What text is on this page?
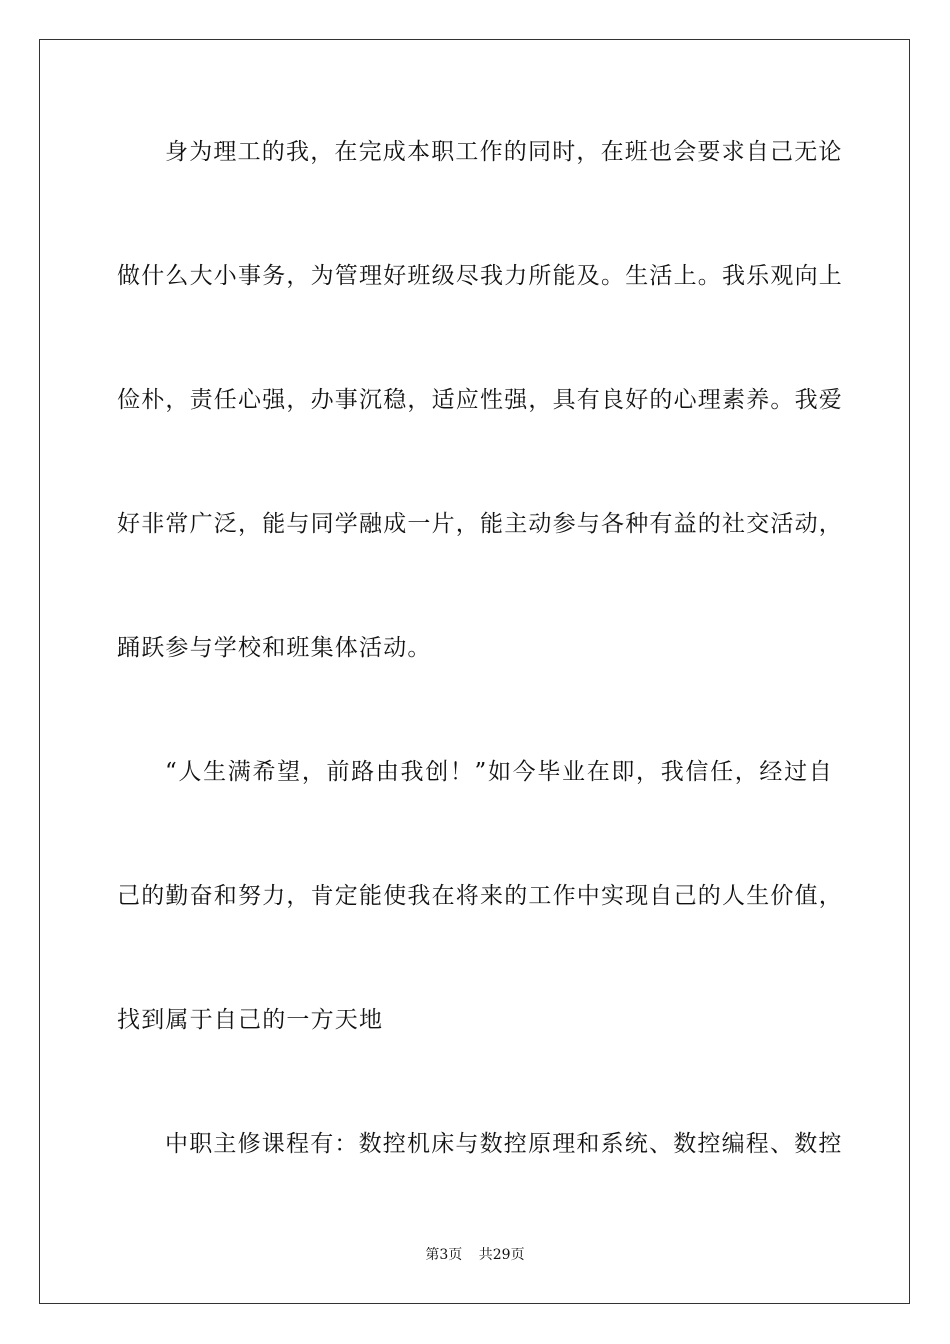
身为理工的我，在完成本职工作的同时，在班也会要求自己无论
做什么大小事务，为管理好班级尽我力所能及。生活上。我乐观向上
俭朴，责任心强，办事沉稳，适应性强，具有良好的心理素养。我爱
好非常广泛，能与同学融成一片，能主动参与各种有益的社交活动，
踊跃参与学校和班集体活动。
“人生满希望，前路由我创！”如今毕业在即，我信任，经过自
己的勤奋和努力，肯定能使我在将来的工作中实现自己的人生价值，
找到属于自己的一方天地
中职主修课程有：数控机床与数控原理和系统、数控编程、数控
第3页 共29页
